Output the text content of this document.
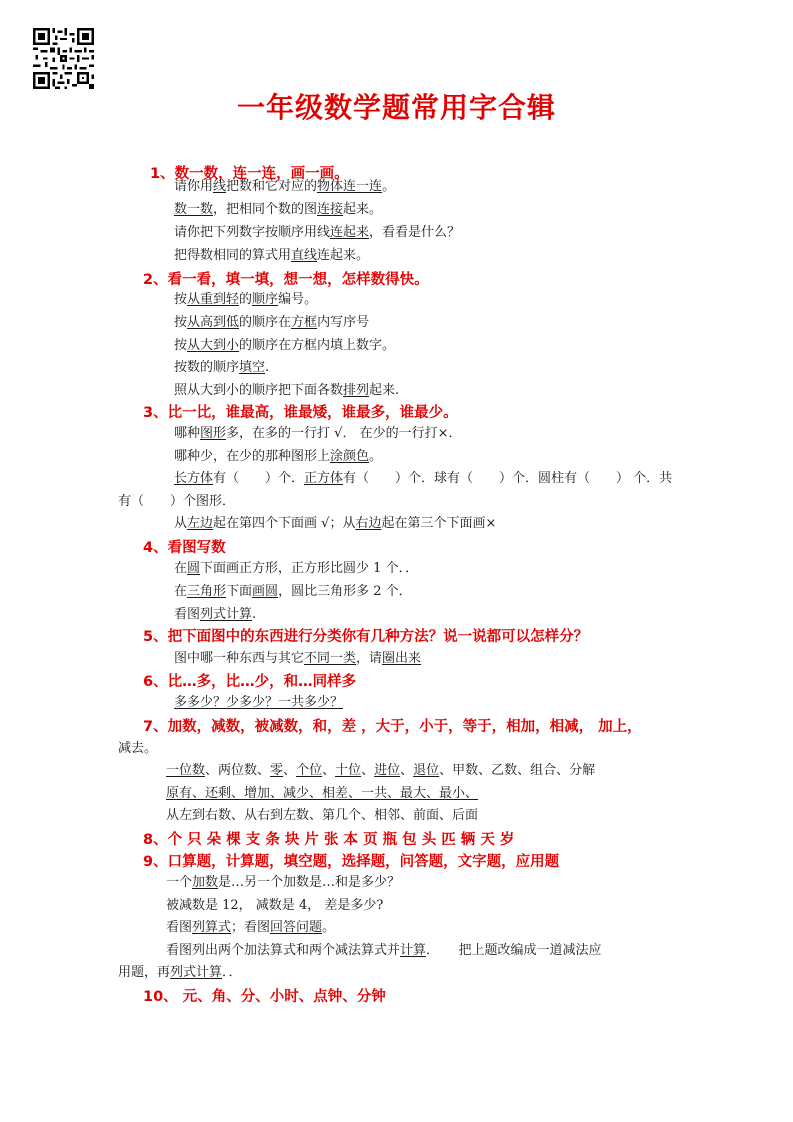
一年级数学题常用字合辑
1、数一数，连一连，画一画。
请你用线把数和它对应的物体连一连。
数一数，把相同个数的图连接起来。
请你把下列数字按顺序用线连起来，看看是什么？
把得数相同的算式用直线连起来。
2、看一看，填一填，想一想，怎样数得快。
按从重到轻的顺序编号。
按从高到低的顺序在方框内写序号
按从大到小的顺序在方框内填上数字。
按数的顺序填空.
照从大到小的顺序把下面各数排列起来.
3、比一比，谁最高，谁最矮，谁最多，谁最少。
哪种图形多，在多的一行打 √． 在少的一行打×．
哪种少，在少的那种图形上涂颜色。
长方体有（　　）个．正方体有（　　）个．球有（　　）个．圆柱有（　　） 个．共
有（　　）个图形．
从左边起在第四个下面画 √；从右边起在第三个下面画×
4、看图写数
在圆下面画正方形，正方形比圆少 1 个．．
在三角形下面画圆，圆比三角形多 2 个．
看图列式计算.
5、把下面图中的东西进行分类你有几种方法？说一说都可以怎样分？
图中哪一种东西与其它不同一类，请圈出来
6、比…多，比…少，和…同样多
多多少？少多少？一共多少？
7、加数，减数，被减数，和，差 ，大于，小于，等于，相加，相减， 加上，
减去。
一位数、两位数、零、个位、十位、进位、退位、甲数、乙数、组合、分解
原有、还剩、增加、减少、相差、一共、最大、最小、
从左到右数、从右到左数、第几个、相邻、前面、后面
8、个 只 朵 棵 支 条 块 片 张 本 页 瓶 包 头 匹 辆 天 岁
9、口算题，计算题，填空题，选择题，问答题，文字题，应用题
一个加数是…另一个加数是…和是多少？
被减数是 12， 减数是 4， 差是多少?
看图列算式；看图回答问题。
看图列出两个加法算式和两个减法算式并计算．　　把上题改编成一道减法应
用题，再列式计算．．
10、 元、角、分、小时、点钟、分钟
